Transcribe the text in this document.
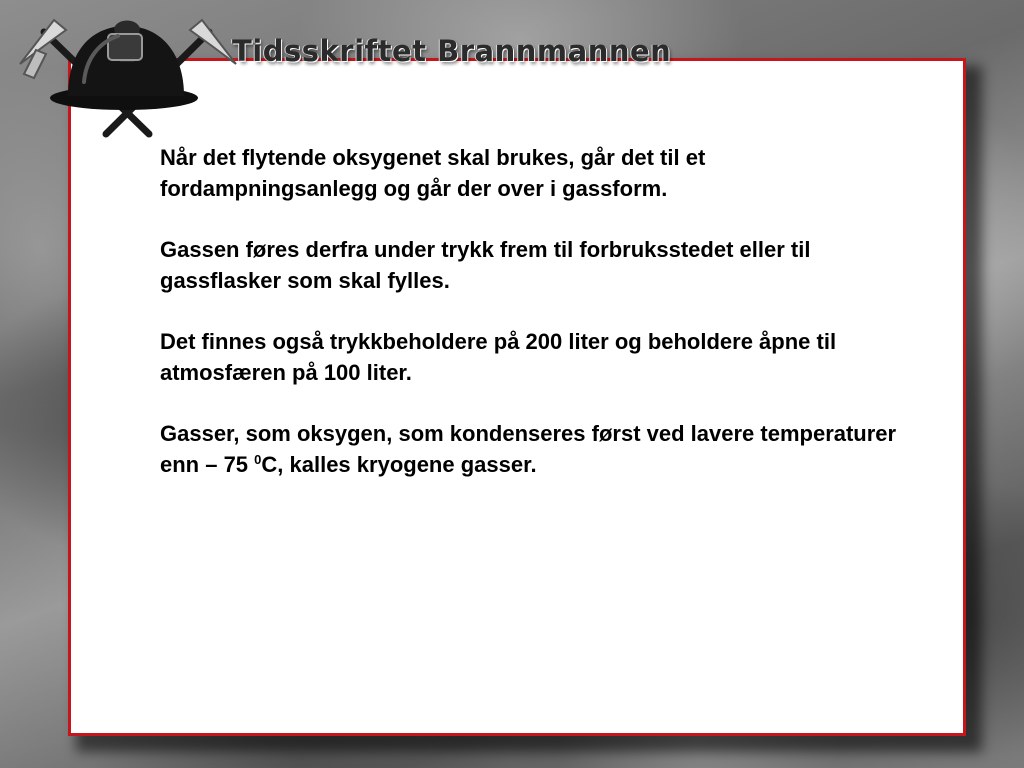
Tidsskriftet Brannmannen

Når det flytende oksygenet skal brukes, går det til et fordampningsanlegg og går der over i gassform.

Gassen føres derfra under trykk frem til forbruksstedet eller til gassflasker som skal fylles.

Det finnes også trykkbeholdere på 200 liter og beholdere åpne til atmosfæren på 100 liter.

Gasser, som oksygen, som kondenseres først ved lavere temperaturer enn – 75 $^0$C, kalles kryogene gasser.
